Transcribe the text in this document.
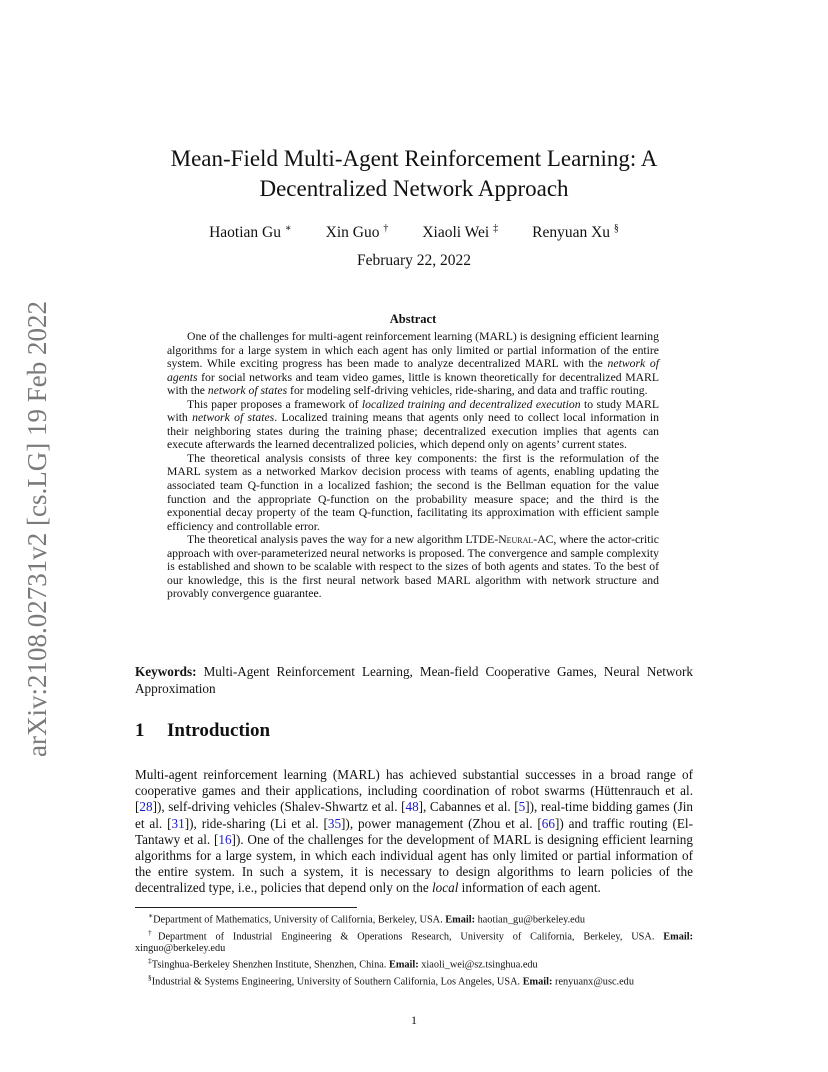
arXiv:2108.02731v2 [cs.LG] 19 Feb 2022
Mean-Field Multi-Agent Reinforcement Learning: A Decentralized Network Approach
Haotian Gu ∗ Xin Guo † Xiaoli Wei ‡ Renyuan Xu §
February 22, 2022
Abstract

One of the challenges for multi-agent reinforcement learning (MARL) is designing efficient learning algorithms for a large system in which each agent has only limited or partial information of the entire system. While exciting progress has been made to analyze decentralized MARL with the network of agents for social networks and team video games, little is known theoretically for decentralized MARL with the network of states for modeling self-driving vehicles, ride-sharing, and data and traffic routing.

This paper proposes a framework of localized training and decentralized execution to study MARL with network of states. Localized training means that agents only need to collect local information in their neighboring states during the training phase; decentralized execution implies that agents can execute afterwards the learned decentralized policies, which depend only on agents’ current states.

The theoretical analysis consists of three key components: the first is the reformulation of the MARL system as a networked Markov decision process with teams of agents, enabling updating the associated team Q-function in a localized fashion; the second is the Bellman equation for the value function and the appropriate Q-function on the probability measure space; and the third is the exponential decay property of the team Q-function, facilitating its approximation with efficient sample efficiency and controllable error.

The theoretical analysis paves the way for a new algorithm LTDE-Neural-AC, where the actor-critic approach with over-parameterized neural networks is proposed. The convergence and sample complexity is established and shown to be scalable with respect to the sizes of both agents and states. To the best of our knowledge, this is the first neural network based MARL algorithm with network structure and provably convergence guarantee.

Keywords: Multi-Agent Reinforcement Learning, Mean-field Cooperative Games, Neural Network Approximation
1 Introduction

Multi-agent reinforcement learning (MARL) has achieved substantial successes in a broad range of cooperative games and their applications, including coordination of robot swarms (Hüttenrauch et al. [28]), self-driving vehicles (Shalev-Shwartz et al. [48], Cabannes et al. [5]), real-time bidding games (Jin et al. [31]), ride-sharing (Li et al. [35]), power management (Zhou et al. [66]) and traffic routing (El-Tantawy et al. [16]). One of the challenges for the development of MARL is designing efficient learning algorithms for a large system, in which each individual agent has only limited or partial information of the entire system. In such a system, it is necessary to design algorithms to learn policies of the decentralized type, i.e., policies that depend only on the local information of each agent.

∗Department of Mathematics, University of California, Berkeley, USA. Email: haotian_gu@berkeley.edu

†Department of Industrial Engineering & Operations Research, University of California, Berkeley, USA. Email: xinguo@berkeley.edu

‡Tsinghua-Berkeley Shenzhen Institute, Shenzhen, China. Email: xiaoli_wei@sz.tsinghua.edu

§Industrial & Systems Engineering, University of Southern California, Los Angeles, USA. Email: renyuanx@usc.edu

1
